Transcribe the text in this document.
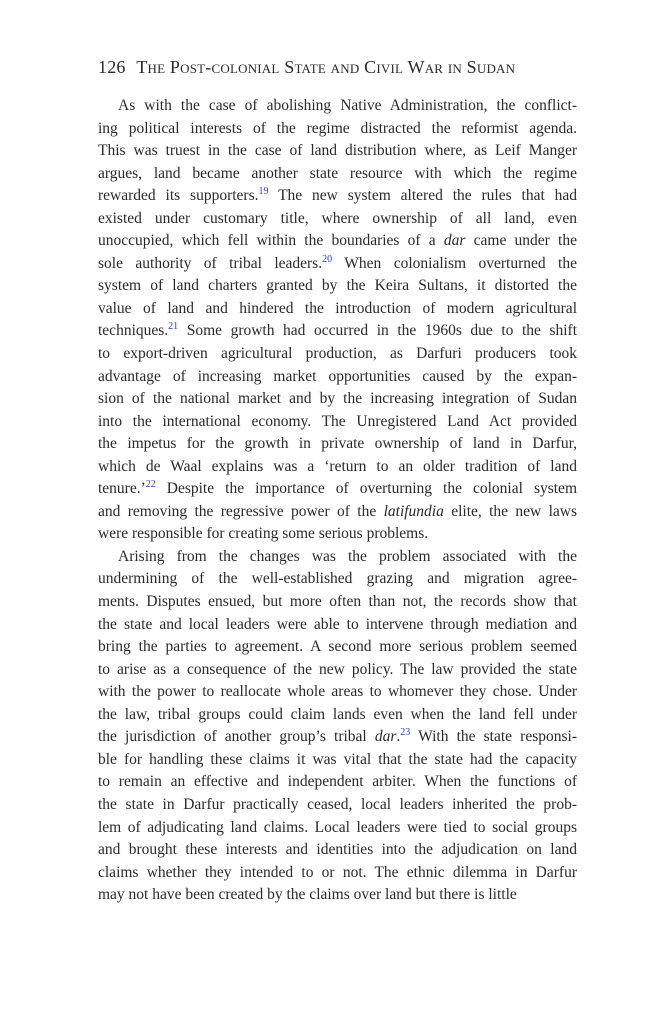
126 The Post-colonial State and Civil War in Sudan
As with the case of abolishing Native Administration, the conflict-
ing political interests of the regime distracted the reformist agenda.
This was truest in the case of land distribution where, as Leif Manger
argues, land became another state resource with which the regime
rewarded its supporters.$^{19}$ The new system altered the rules that had
existed under customary title, where ownership of all land, even
unoccupied, which fell within the boundaries of a dar came under the
sole authority of tribal leaders.$^{20}$ When colonialism overturned the
system of land charters granted by the Keira Sultans, it distorted the
value of land and hindered the introduction of modern agricultural
techniques.$^{21}$ Some growth had occurred in the 1960s due to the shift
to export-driven agricultural production, as Darfuri producers took
advantage of increasing market opportunities caused by the expan-
sion of the national market and by the increasing integration of Sudan
into the international economy. The Unregistered Land Act provided
the impetus for the growth in private ownership of land in Darfur,
which de Waal explains was a ‘return to an older tradition of land
tenure.’$^{22}$ Despite the importance of overturning the colonial system
and removing the regressive power of the latifundia elite, the new laws
were responsible for creating some serious problems.
Arising from the changes was the problem associated with the
undermining of the well-established grazing and migration agree-
ments. Disputes ensued, but more often than not, the records show that
the state and local leaders were able to intervene through mediation and
bring the parties to agreement. A second more serious problem seemed
to arise as a consequence of the new policy. The law provided the state
with the power to reallocate whole areas to whomever they chose. Under
the law, tribal groups could claim lands even when the land fell under
the jurisdiction of another group’s tribal dar.$^{23}$ With the state responsi-
ble for handling these claims it was vital that the state had the capacity
to remain an effective and independent arbiter. When the functions of
the state in Darfur practically ceased, local leaders inherited the prob-
lem of adjudicating land claims. Local leaders were tied to social groups
and brought these interests and identities into the adjudication on land
claims whether they intended to or not. The ethnic dilemma in Darfur
may not have been created by the claims over land but there is little
